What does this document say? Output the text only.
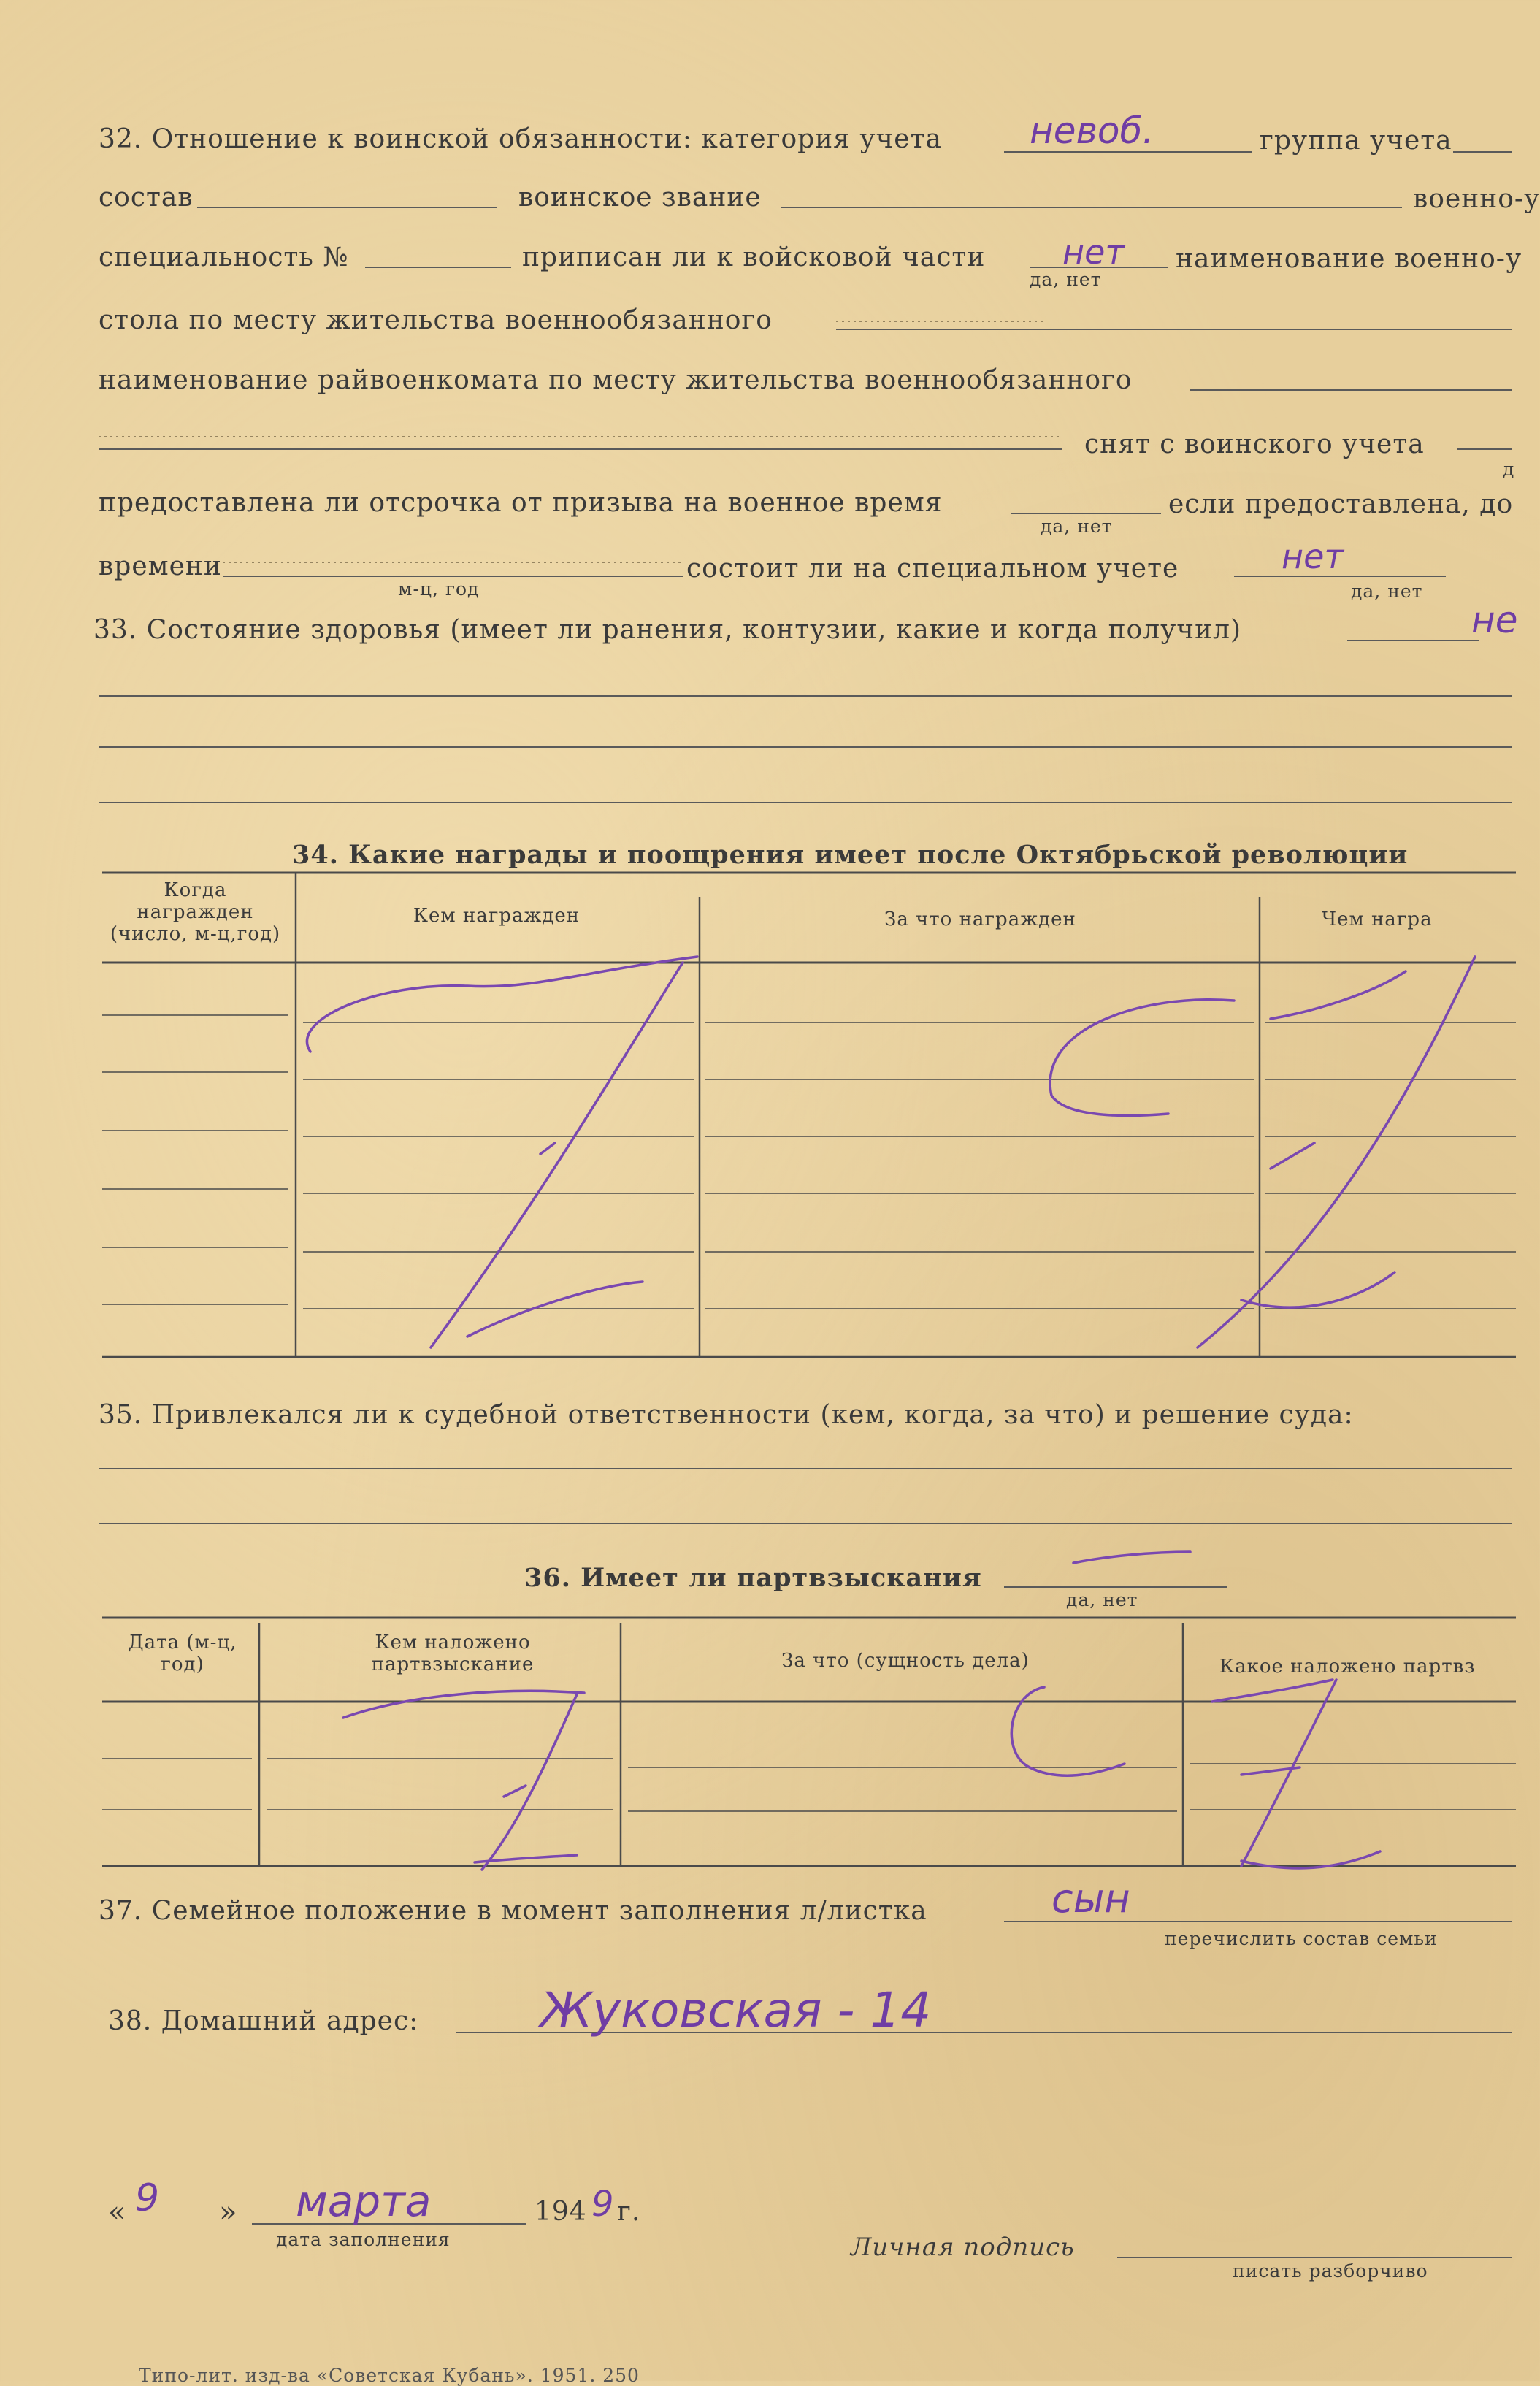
32. Отношение к воинской обязанности: категория учета невоб.	группа учета
состав	воинское звание	военно-у
специальность №	приписан ли к войсковой части нет
да, нет
наименование военно-у
стола по месту жительства военнообязанного
наименование райвоенкомата по месту жительства военнообязанного
снят с воинского учета
д
предоставлена ли отсрочка от призыва на военное время
да, нет
если предоставлена, до
времени
м-ц, год
состоит ли на специальном учете	нет
да, нет
33. Состояние здоровья (имеет ли ранения, контузии, какие и когда получил)	не
34. Какие награды и поощрения имеет после Октябрьской революции
Когда награжден (число, м-ц,год)
Кем награжден	За что награжден	Чем награ
35. Привлекался ли к судебной ответственности (кем, когда, за что) и решение суда:
36. Имеет ли партвзыскания
да, нет
Дата (м-ц, год)
Кем наложено партвзыскание	За что (сущность дела)	Какое наложено партвз
37. Семейное положение в момент заполнения л/листка	сын
перечислить состав семьи
38. Домашний адрес:	Жуковская - 14
« 9 » марта
дата заполнения
194 9 г.
Личная подпись
писать разборчиво
Типо-лит. изд-ва «Советская Кубань». 1951. 250
